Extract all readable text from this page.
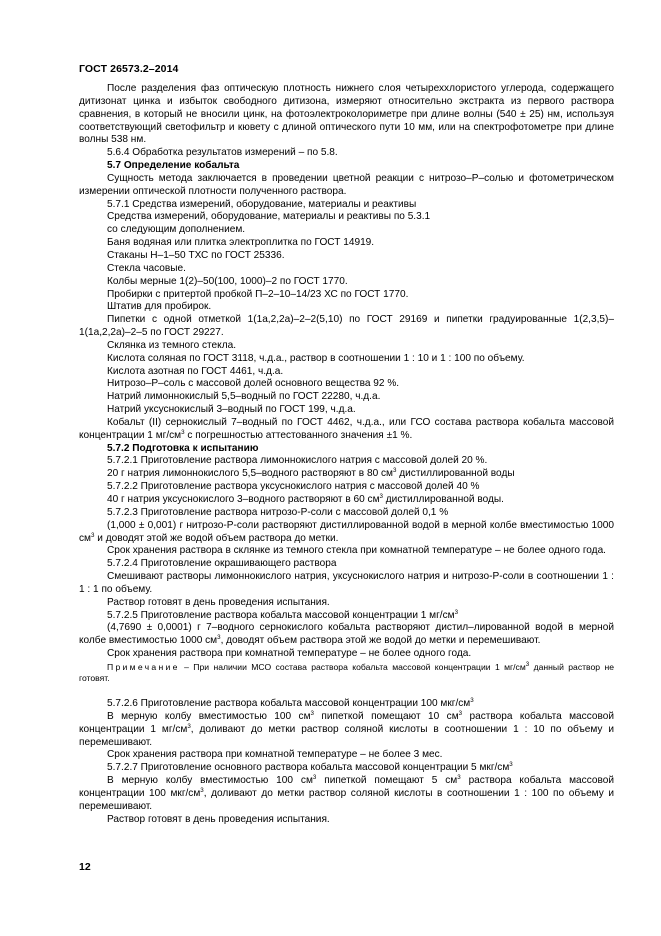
ГОСТ 26573.2–2014

После разделения фаз оптическую плотность нижнего слоя четыреххлористого углерода, содержащего дитизонат цинка и избыток свободного дитизона, измеряют относительно экстракта из первого раствора сравнения, в который не вносили цинк, на фотоэлектроколориметре при длине волны (540 ± 25) нм, используя соответствующий светофильтр и кювету с длиной оптического пути 10 мм, или на спектрофотометре при длине волны 538 нм.

5.6.4 Обработка результатов измерений – по 5.8.

5.7 Определение кобальта

Сущность метода заключается в проведении цветной реакции с нитрозо–Р–солью и фотометрическом измерении оптической плотности полученного раствора.

5.7.1 Средства измерений, оборудование, материалы и реактивы

Средства измерений, оборудование, материалы и реактивы по 5.3.1

со следующим дополнением.

Баня водяная или плитка электроплитка по ГОСТ 14919.

Стаканы Н–1–50 ТХС по ГОСТ 25336.

Стекла часовые.

Колбы мерные 1(2)–50(100, 1000)–2 по ГОСТ 1770.

Пробирки с притертой пробкой П–2–10–14/23 ХС по ГОСТ 1770.

Штатив для пробирок.

Пипетки с одной отметкой 1(1а,2,2а)–2–2(5,10) по ГОСТ 29169 и пипетки градуированные 1(2,3,5)–1(1а,2,2а)–2–5 по ГОСТ 29227.

Склянка из темного стекла.

Кислота соляная по ГОСТ 3118, ч.д.а., раствор в соотношении 1 : 10 и 1 : 100 по объему.

Кислота азотная по ГОСТ 4461, ч.д.а.

Нитрозо–Р–соль с массовой долей основного вещества 92 %.

Натрий лимоннокислый 5,5–водный по ГОСТ 22280, ч.д.а.

Натрий уксуснокислый 3–водный по ГОСТ 199, ч.д.а.

Кобальт (II) сернокислый 7–водный по ГОСТ 4462, ч.д.а., или ГСО состава раствора кобальта массовой концентрации 1 $мг/см^3$ с погрешностью аттестованного значения ±1 %.

5.7.2 Подготовка к испытанию

5.7.2.1 Приготовление раствора лимоннокислого натрия с массовой долей 20 %.

20 г натрия лимоннокислого 5,5–водного растворяют в 80 $см^3$ дистиллированной воды

5.7.2.2 Приготовление раствора уксуснокислого натрия с массовой долей 40 %

40 г натрия уксуснокислого 3–водного растворяют в 60 $см^3$ дистиллированной воды.

5.7.2.3 Приготовление раствора нитрозо-Р-соли с массовой долей 0,1 %

(1,000 ± 0,001) г нитрозо-Р-соли растворяют дистиллированной водой в мерной колбе вместимостью 1000 $см^3$ и доводят этой же водой объем раствора до метки.

Срок хранения раствора в склянке из темного стекла при комнатной температуре – не более одного года.

5.7.2.4 Приготовление окрашивающего раствора

Смешивают растворы лимоннокислого натрия, уксуснокислого натрия и нитрозо-Р-соли в соотношении 1 : 1 : 1 по объему.

Раствор готовят в день проведения испытания.

5.7.2.5 Приготовление раствора кобальта массовой концентрации 1 $мг/см^3$

(4,7690 ± 0,0001) г 7–водного сернокислого кобальта растворяют дистил–лированной водой в мерной колбе вместимостью 1000 $см^3$, доводят объем раствора этой же водой до метки и перемешивают.

Срок хранения раствора при комнатной температуре – не более одного года.

Примечание – При наличии МСО состава раствора кобальта массовой концентрации 1 $мг/см^3$ данный раствор не готовят.

5.7.2.6 Приготовление раствора кобальта массовой концентрации 100 мкг/$см^3$

В мерную колбу вместимостью 100 $см^3$ пипеткой помещают 10 $см^3$ раствора кобальта массовой концентрации 1 $мг/см^3$, доливают до метки раствор соляной кислоты в соотношении 1 : 10 по объему и перемешивают.

Срок хранения раствора при комнатной температуре – не более 3 мес.

5.7.2.7 Приготовление основного раствора кобальта массовой концентрации 5 мкг/$см^3$

В мерную колбу вместимостью 100 $см^3$ пипеткой помещают 5 $см^3$ раствора кобальта массовой концентрации 100 мкг/$см^3$, доливают до метки раствор соляной кислоты в соотношении 1 : 100 по объему и перемешивают.

Раствор готовят в день проведения испытания.

12
